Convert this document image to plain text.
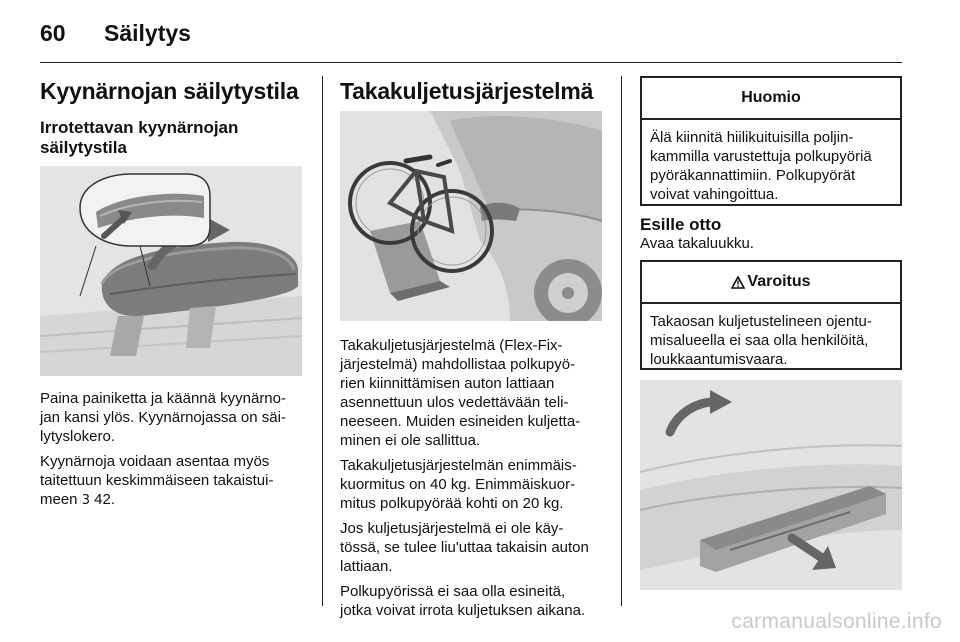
60 Säilytys
Kyynärnojan säilytystila
Irrotettavan kyynärnojan
säilytystila
Paina painiketta ja käännä kyynärno-
jan kansi ylös. Kyynärnojassa on säi-
lytyslokero.
Kyynärnoja voidaan asentaa myös
taitettuun keskimmäiseen takaistui-
meen 3 42.
Takakuljetusjärjestelmä
Takakuljetusjärjestelmä (Flex-Fix-
järjestelmä) mahdollistaa polkupyö-
rien kiinnittämisen auton lattiaan
asennettuun ulos vedettävään teli-
neeseen. Muiden esineiden kuljetta-
minen ei ole sallittua.
Takakuljetusjärjestelmän enimmäis-
kuormitus on 40 kg. Enimmäiskuor-
mitus polkupyörää kohti on 20 kg.
Jos kuljetusjärjestelmä ei ole käy-
tössä, se tulee liu'uttaa takaisin auton
lattiaan.
Polkupyörissä ei saa olla esineitä,
jotka voivat irrota kuljetuksen aikana.
Huomio
Älä kiinnitä hiilikuituisilla poljin-
kammilla varustettuja polkupyöriä
pyöräkannattimiin. Polkupyörät
voivat vahingoittua.
Esille otto
Avaa takaluukku.
Varoitus
Takaosan kuljetustelineen ojentu-
misalueella ei saa olla henkilöitä,
loukkaantumisvaara.
carmanualsonline.info
